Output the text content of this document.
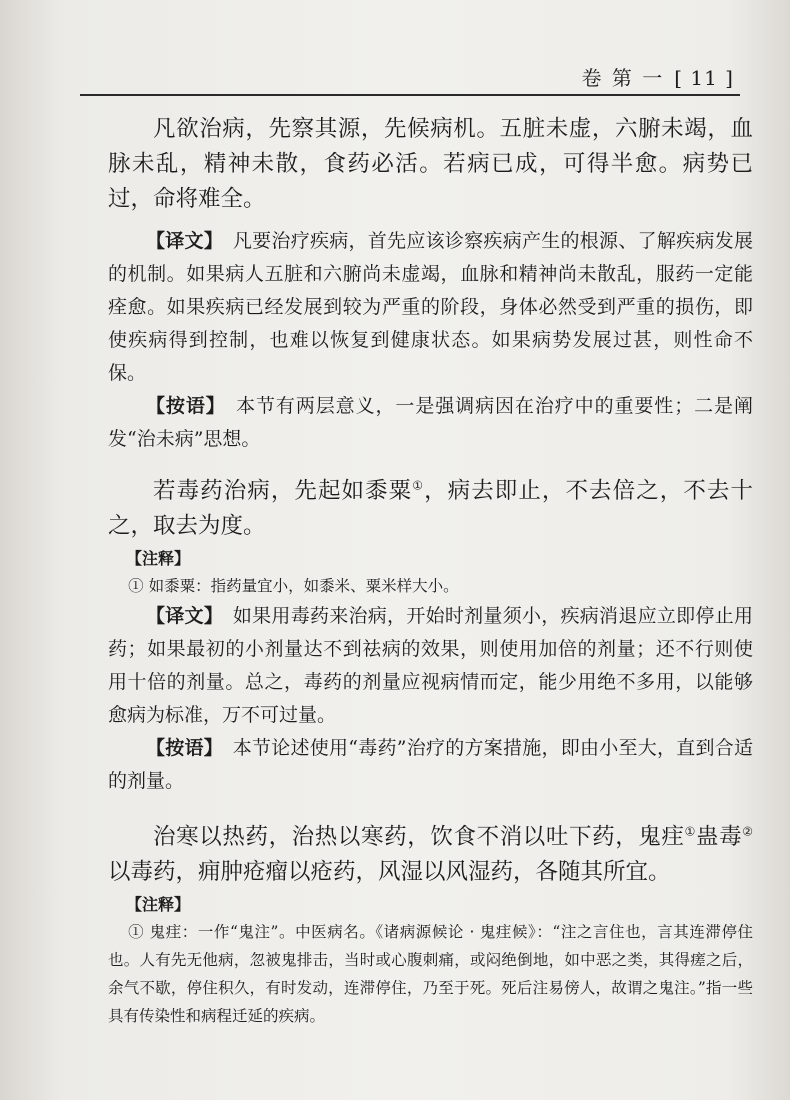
卷 第 一 [ 11 ]

凡欲治病，先察其源，先候病机。五脏未虚，六腑未竭，血脉未乱，精神未散，食药必活。若病已成，可得半愈。病势已过，命将难全。

【译文】　 凡要治疗疾病，首先应该诊察疾病产生的根源、了解疾病发展的机制。如果病人五脏和六腑尚未虚竭，血脉和精神尚未散乱，服药一定能痊愈。如果疾病已经发展到较为严重的阶段，身体必然受到严重的损伤，即使疾病得到控制，也难以恢复到健康状态。如果病势发展过甚，则性命不保。

【按语】　 本节有两层意义，一是强调病因在治疗中的重要性；二是阐发“治未病”思想。

若毒药治病，先起如黍粟①，病去即止，不去倍之，不去十之，取去为度。

【注释】

① 如黍粟：指药量宜小，如黍米、粟米样大小。

【译文】　 如果用毒药来治病，开始时剂量须小，疾病消退应立即停止用药；如果最初的小剂量达不到祛病的效果，则使用加倍的剂量；还不行则使用十倍的剂量。总之，毒药的剂量应视病情而定，能少用绝不多用，以能够愈病为标准，万不可过量。

【按语】　 本节论述使用“毒药”治疗的方案措施，即由小至大，直到合适的剂量。

治寒以热药，治热以寒药，饮食不消以吐下药，鬼疰①蛊毒②以毒药，痈肿疮瘤以疮药，风湿以风湿药，各随其所宜。

【注释】

① 鬼疰：一作“鬼注”。中医病名。《诸病源候论 · 鬼疰候》：“注之言住也，言其连滞停住也。人有先无他病，忽被鬼排击，当时或心腹刺痛，或闷绝倒地，如中恶之类，其得瘥之后，余气不歇，停住积久，有时发动，连滞停住，乃至于死。死后注易傍人，故谓之鬼注。”指一些具有传染性和病程迁延的疾病。
